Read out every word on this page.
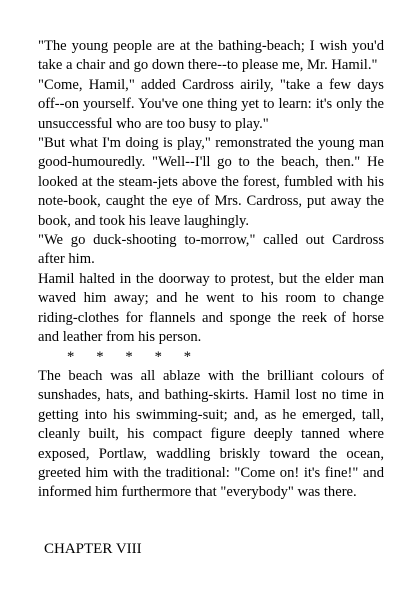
"The young people are at the bathing-beach; I wish you'd take a chair and go down there--to please me, Mr. Hamil."

"Come, Hamil," added Cardross airily, "take a few days off--on yourself. You've one thing yet to learn: it's only the unsuccessful who are too busy to play."

"But what I'm doing is play," remonstrated the young man good-humouredly. "Well--I'll go to the beach, then." He looked at the steam-jets above the forest, fumbled with his note-book, caught the eye of Mrs. Cardross, put away the book, and took his leave laughingly.

"We go duck-shooting to-morrow," called out Cardross after him.

Hamil halted in the doorway to protest, but the elder man waved him away; and he went to his room to change riding-clothes for flannels and sponge the reek of horse and leather from his person.

*      *      *      *      *

The beach was all ablaze with the brilliant colours of sunshades, hats, and bathing-skirts. Hamil lost no time in getting into his swimming-suit; and, as he emerged, tall, cleanly built, his compact figure deeply tanned where exposed, Portlaw, waddling briskly toward the ocean, greeted him with the traditional: "Come on! it's fine!" and informed him furthermore that "everybody" was there.

CHAPTER VIII
